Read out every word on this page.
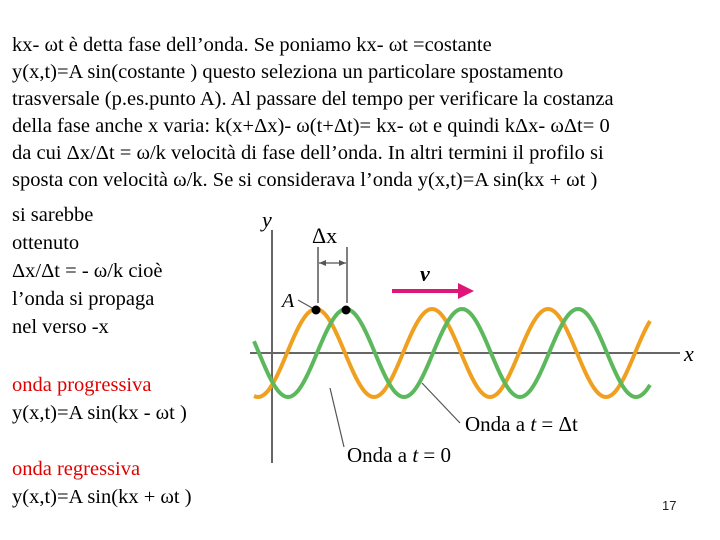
kx- ωt è detta fase dell’onda. Se poniamo kx- ωt =costante
y(x,t)=A sin(costante ) questo seleziona un particolare spostamento
trasversale (p.es.punto A). Al passare del tempo per verificare la costanza
della fase anche x varia: k(x+Δx)- ω(t+Δt)= kx- ωt e quindi kΔx- ωΔt= 0
da cui Δx/Δt = ω/k velocità di fase dell’onda. In altri termini il profilo si
sposta con velocità ω/k. Se si considerava l’onda y(x,t)=A sin(kx + ωt )
si sarebbe
ottenuto
Δx/Δt = - ω/k cioè
l’onda si propaga
nel verso -x
onda progressiva
y(x,t)=A sin(kx - ωt )
onda regressiva
y(x,t)=A sin(kx + ωt )
y
x
Δx
A
v
Onda a t = Δt
Onda a t = 0
17
